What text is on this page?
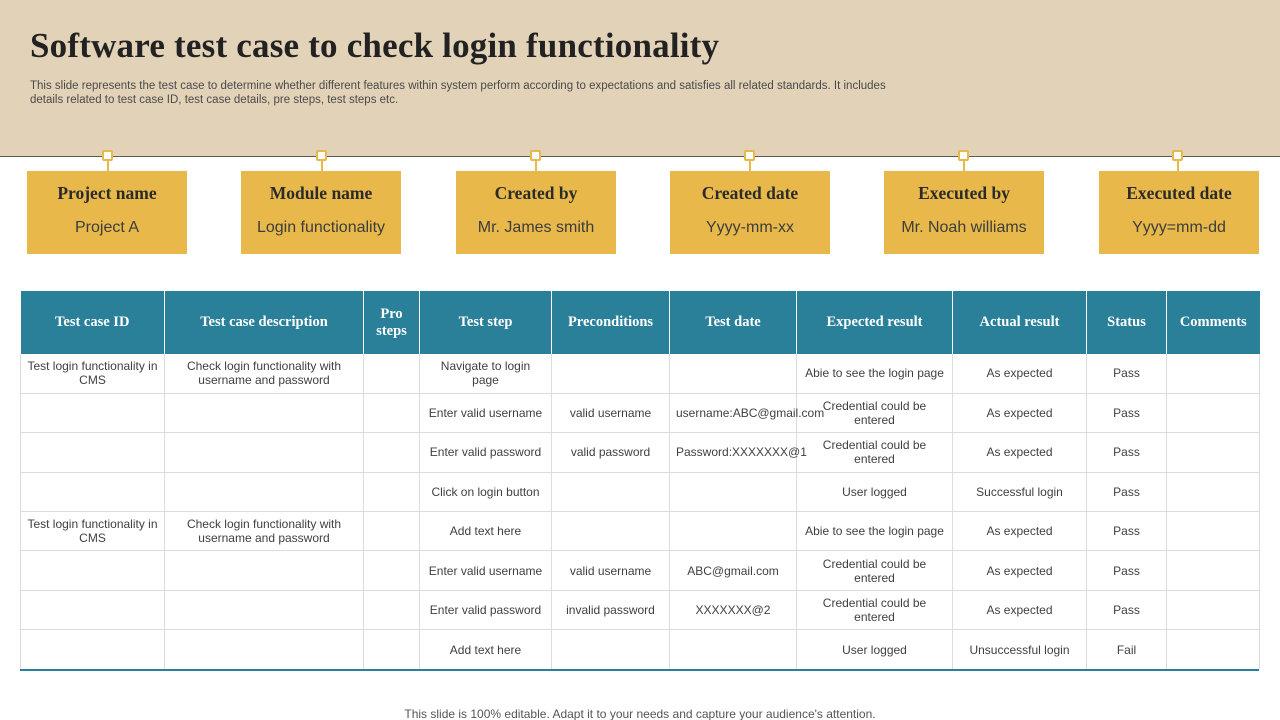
Software test case to check login functionality

This slide represents the test case to determine whether different features within system perform according to expectations and satisfies all related standards. It includes details related to test case ID, test case details, pre steps, test steps etc.

Project name
Project A
Module name
Login functionality
Created by
Mr. James smith
Created date
Yyyy-mm-xx
Executed by
Mr. Noah williams
Executed date
Yyyy=mm-dd
Test case ID	Test case description	Pro steps	Test step	Preconditions	Test date	Expected result	Actual result	Status	Comments
Test login functionality in CMS	Check login functionality with username and password		Navigate to login page			Abie to see the login page	As expected	Pass	
			Enter valid username	valid username	username:ABC@gmail.com	Credential could be entered	As expected	Pass	
			Enter valid password	valid password	Password:XXXXXXX@1	Credential could be entered	As expected	Pass	
			Click on login button			User logged	Successful login	Pass	
Test login functionality in CMS	Check login functionality with username and password		Add text here			Abie to see the login page	As expected	Pass	
			Enter valid username	valid username	ABC@gmail.com	Credential could be entered	As expected	Pass	
			Enter valid password	invalid password	XXXXXXX@2	Credential could be entered	As expected	Pass	
			Add text here			User logged	Unsuccessful login	Fail	

This slide is 100% editable. Adapt it to your needs and capture your audience's attention.
